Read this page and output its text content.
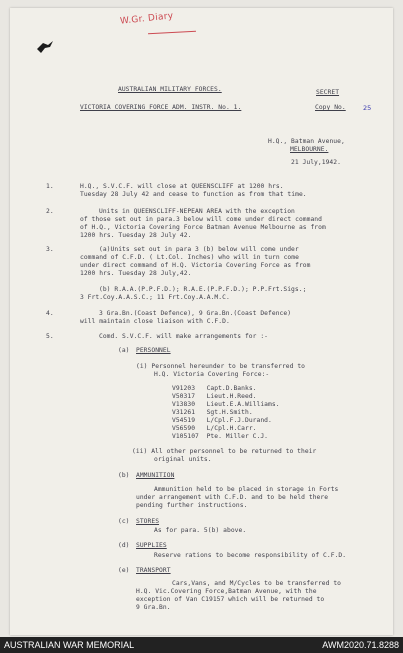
W.Gr. Diary
AUSTRALIAN MILITARY FORCES.	SECRET
VICTORIA COVERING FORCE ADM. INSTR. No. 1.	Copy No.	25
H.Q., Batman Avenue,
MELBOURNE.
21 July,1942.
1.	H.Q., S.V.C.F. will close at QUEENSCLIFF at 1200 hrs.
Tuesday 28 July 42 and cease to function as from that time.
2.	Units in QUEENSCLIFF-NEPEAN AREA with the exception
of those set out in para.3 below will come under direct command
of H.Q., Victoria Covering Force Batman Avenue Melbourne as from
1200 hrs. Tuesday 28 July 42.
3.	(a)Units set out in para 3 (b) below will come under
command of C.F.D. ( Lt.Col. Inches) who will in turn come
under direct command of H.Q. Victoria Covering Force as from
1200 hrs. Tuesday 28 July,42.
(b) R.A.A.(P.P.F.D.); R.A.E.(P.P.F.D.); P.P.Frt.Sigs.;
3 Frt.Coy.A.A.S.C.; 11 Frt.Coy.A.A.M.C.
4.	3 Gra.Bn.(Coast Defence), 9 Gra.Bn.(Coast Defence)
will maintain close liaison with C.F.D.
5.	Comd. S.V.C.F. will make arrangements for :-
(a) PERSONNEL
(i) Personnel hereunder to be transferred to
H.Q. Victoria Covering Force:-
V91203   Capt.D.Banks.
V50317   Lieut.H.Reed.
V13830   Lieut.E.A.Williams.
V31261   Sgt.H.Smith.
V54519   L/Cpl.F.J.Durand.
V56590   L/Cpl.H.Carr.
V105107  Pte. Miller C.J.
(ii) All other personnel to be returned to their
original units.
(b) AMMUNITION
Ammunition held to be placed in storage in Forts
under arrangement with C.F.D. and to be held there
pending further instructions.
(c) STORES
As for para. 5(b) above.
(d) SUPPLIES
Reserve rations to become responsibility of C.F.D.
(e) TRANSPORT
Cars,Vans, and M/Cycles to be transferred to
H.Q. Vic.Covering Force,Batman Avenue, with the
exception of Van C19157 which will be returned to
9 Gra.Bn.
AUSTRALIAN WAR MEMORIAL	AWM2020.71.8288
